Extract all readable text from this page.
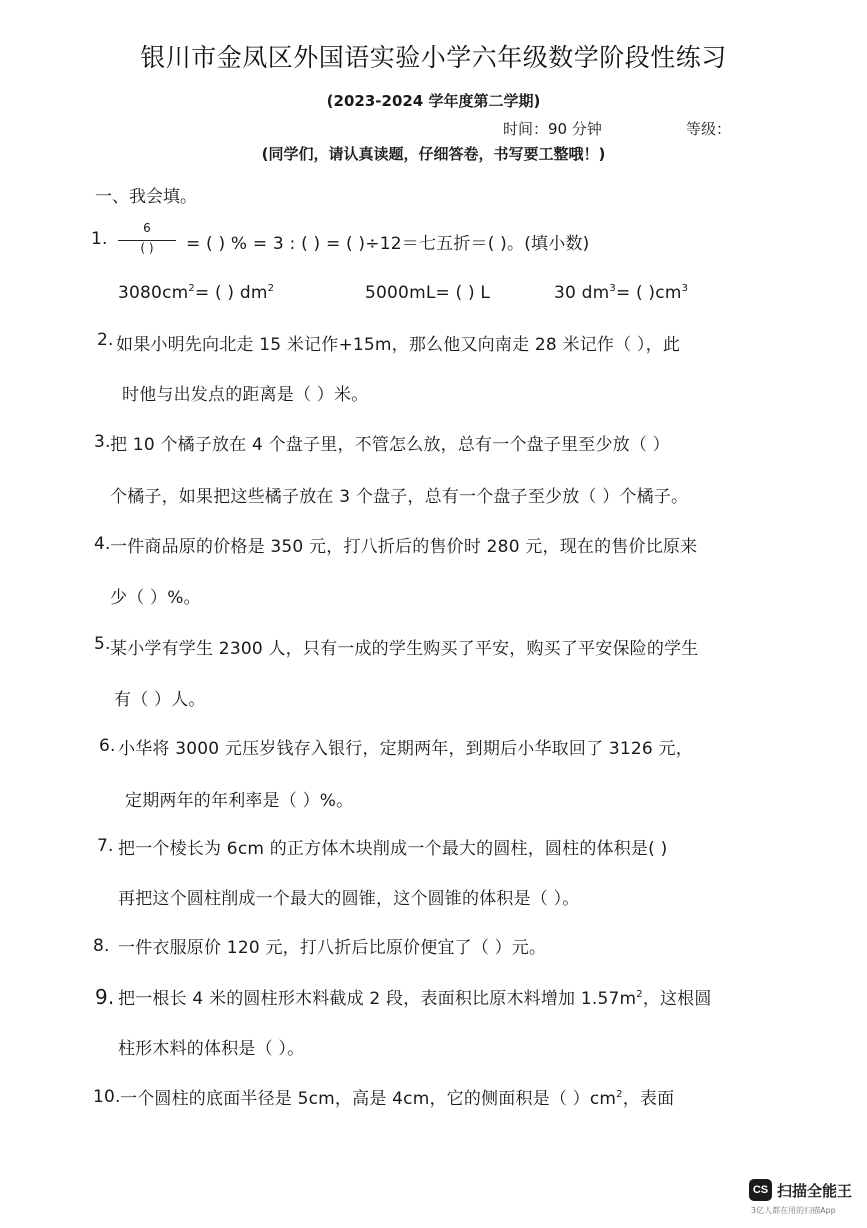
银川市金凤区外国语实验小学六年级数学阶段性练习
(2023-2024 学年度第二学期)
时间：90 分钟	等级：
(同学们，请认真读题，仔细答卷，书写要工整哦！)
一、我会填。
1.
6
( )	= ( ) % = 3 : ( ) = ( )÷12＝七五折＝( )。(填小数)
$3080cm^2=$ ( ) $dm^2$	5000mL= ( ) L	30 $dm^3=$ ( )$cm^3$
2. 如果小明先向北走 15 米记作+15m，那么他又向南走 28 米记作（ ），此
时他与出发点的距离是（ ）米。
3. 把 10 个橘子放在 4 个盘子里，不管怎么放，总有一个盘子里至少放（ ）
个橘子，如果把这些橘子放在 3 个盘子，总有一个盘子至少放（ ）个橘子。
4. 一件商品原的价格是 350 元，打八折后的售价时 280 元，现在的售价比原来
少（ ）%。
5. 某小学有学生 2300 人，只有一成的学生购买了平安，购买了平安保险的学生
有（ ）人。
6. 小华将 3000 元压岁钱存入银行，定期两年，到期后小华取回了 3126 元，
定期两年的年利率是（ ）%。
7. 把一个棱长为 6cm 的正方体木块削成一个最大的圆柱，圆柱的体积是( )
再把这个圆柱削成一个最大的圆锥，这个圆锥的体积是（ ）。
8. 一件衣服原价 120 元，打八折后比原价便宜了（ ）元。
9. 把一根长 4 米的圆柱形木料截成 2 段，表面积比原木料增加 $1.57m^2$，这根圆
柱形木料的体积是（ ）。
10. 一个圆柱的底面半径是 5cm，高是 4cm，它的侧面积是（ ）$cm^2$，表面
CS 扫描全能王
3亿人都在用的扫描App
